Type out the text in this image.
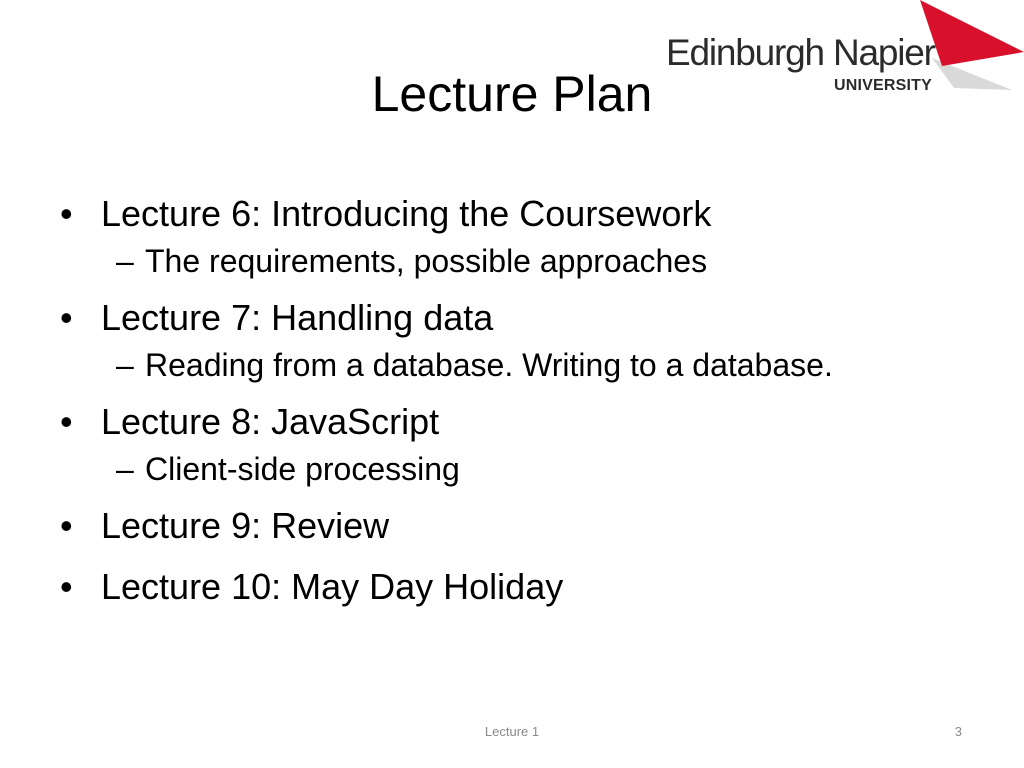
Edinburgh Napier
UNIVERSITY
Lecture Plan
• Lecture 6: Introducing the Coursework
– The requirements, possible approaches
• Lecture 7: Handling data
– Reading from a database. Writing to a database.
• Lecture 8: JavaScript
– Client-side processing
• Lecture 9: Review
• Lecture 10: May Day Holiday
Lecture 1	3
